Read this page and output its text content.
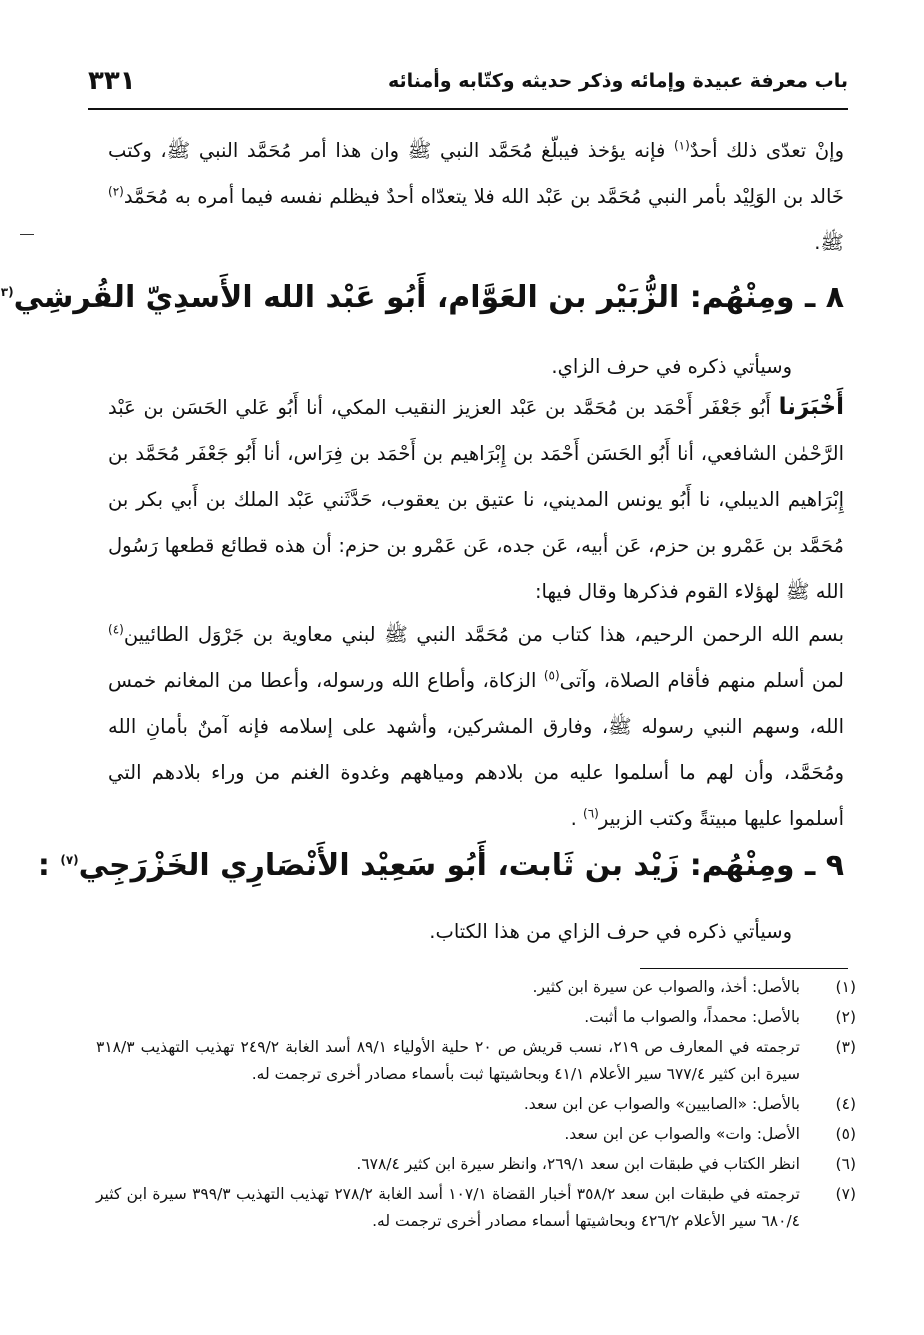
٣٣١	باب معرفة عبيدة وإمائه وذكر حديثه وكتّابه وأمنائه
وإنْ تعدّى ذلك أحدٌ$^{(١)}$ فإنه يؤخذ فيبلّغ مُحَمَّد النبي ﷺ وان هذا أمر مُحَمَّد النبي ﷺ، وكتب خَالد بن الوَلِيْد بأمر النبي مُحَمَّد بن عَبْد الله فلا يتعدّاه أحدٌ فيظلم نفسه فيما أمره به مُحَمَّد$^{(٢)}$ ﷺ.
٨ ـ ومِنْهُم: الزُّبَيْر بن العَوَّام، أَبُو عَبْد الله الأَسدِيّ القُرشِي$^{(٣}$
وسيأتي ذكره في حرف الزاي.
أَخْبَرَنا أَبُو جَعْفَر أَحْمَد بن مُحَمَّد بن عَبْد العزيز النقيب المكي، أنا أَبُو عَلي الحَسَن بن عَبْد الرَّحْمٰن الشافعي، أنا أَبُو الحَسَن أَحْمَد بن إِبْرَاهيم بن أَحْمَد بن فِرَاس، أنا أَبُو جَعْفَر مُحَمَّد بن إِبْرَاهيم الديبلي، نا أَبُو يونس المديني، نا عتيق بن يعقوب، حَدَّثَني عَبْد الملك بن أَبي بكر بن مُحَمَّد بن عَمْرو بن حزم، عَن أبيه، عَن جده، عَن عَمْرو بن حزم: أن هذه قطائع قطعها رَسُول الله ﷺ لهؤلاء القوم فذكرها وقال فيها:
بسم الله الرحمن الرحيم، هذا كتاب من مُحَمَّد النبي ﷺ لبني معاوية بن جَرْوَل الطائيين$^{(٤)}$ لمن أسلم منهم فأقام الصلاة، وآتى$^{(٥)}$ الزكاة، وأطاع الله ورسوله، وأعطا من المغانم خمس الله، وسهم النبي رسوله ﷺ، وفارق المشركين، وأشهد على إسلامه فإنه آمنٌ بأمانِ الله ومُحَمَّد، وأن لهم ما أسلموا عليه من بلادهم ومياههم وغدوة الغنم من وراء بلادهم التي أسلموا عليها مبيتةً وكتب الزبير$^{(٦)}$ .
٩ ـ ومِنْهُم: زَيْد بن ثَابت، أَبُو سَعِيْد الأَنْصَارِي الخَزْرَجِي$^{(٧)}$ :
وسيأتي ذكره في حرف الزاي من هذا الكتاب.
(١)
بالأصل: أخذ، والصواب عن سيرة ابن كثير.
(٢)
بالأصل: محمداً، والصواب ما أثبت.
(٣)
ترجمته في المعارف ص ٢١٩، نسب قريش ص ٢٠ حلية الأولياء ٨٩/١ أسد الغابة ٢٤٩/٢ تهذيب التهذيب ٣١٨/٣ سيرة ابن كثير ٦٧٧/٤ سير الأعلام ٤١/١ وبحاشيتها ثبت بأسماء مصادر أخرى ترجمت له.
(٤)
بالأصل: «الصابيين» والصواب عن ابن سعد.
(٥)
الأصل: وات» والصواب عن ابن سعد.
(٦)
انظر الكتاب في طبقات ابن سعد ٢٦٩/١، وانظر سيرة ابن كثير ٦٧٨/٤.
(٧)
ترجمته في طبقات ابن سعد ٣٥٨/٢ أخبار القضاة ١٠٧/١ أسد الغابة ٢٧٨/٢ تهذيب التهذيب ٣٩٩/٣ سيرة ابن كثير ٦٨٠/٤ سير الأعلام ٤٢٦/٢ وبحاشيتها أسماء مصادر أخرى ترجمت له.
